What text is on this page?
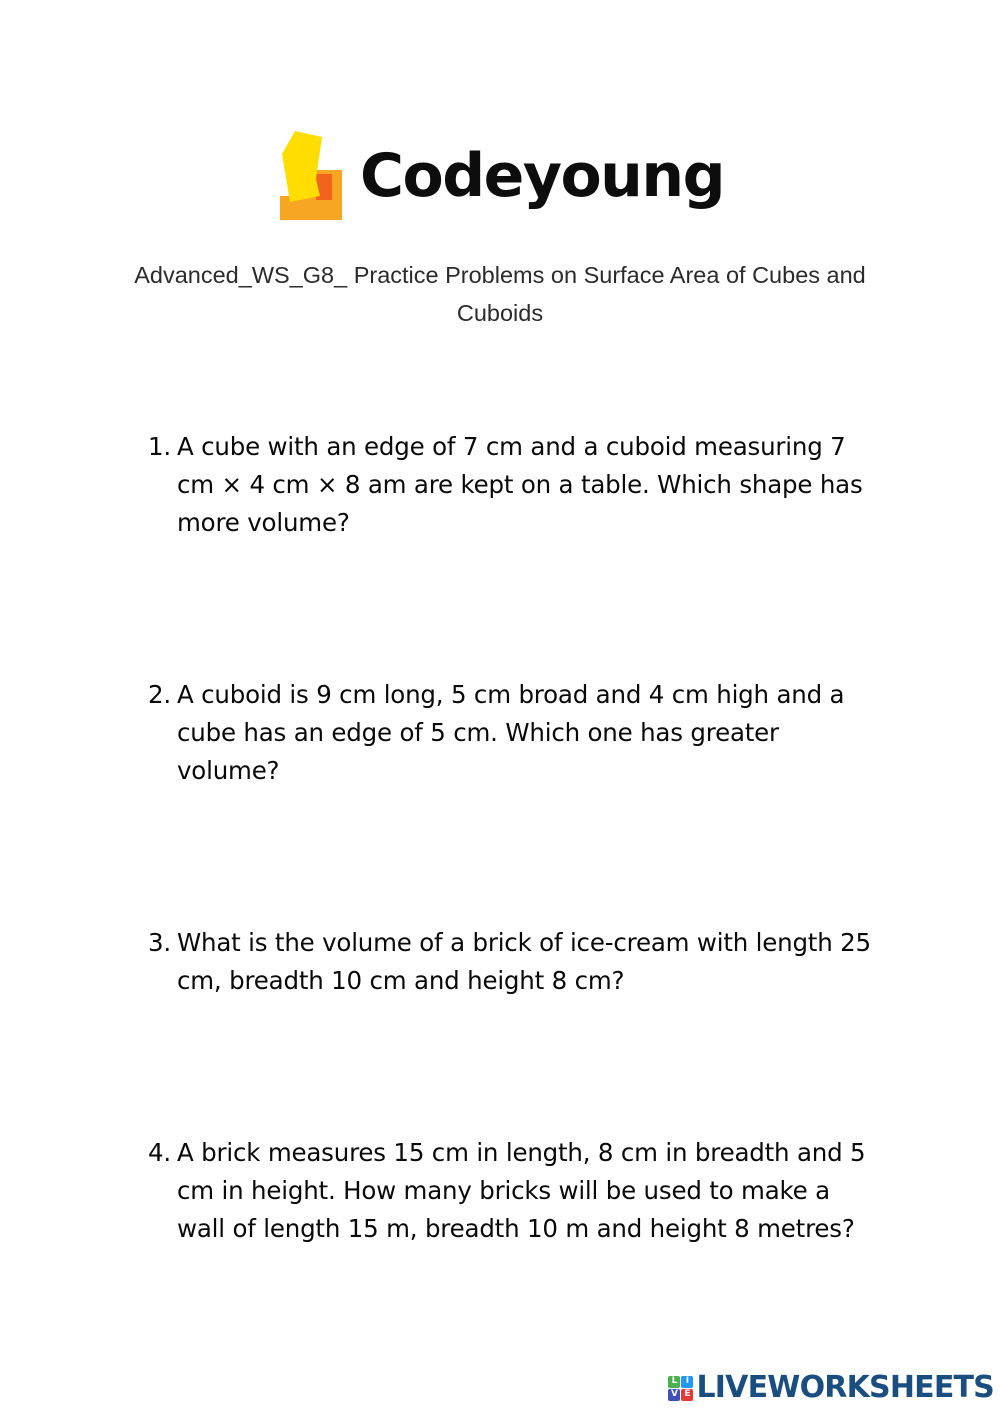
Codeyoung
Advanced_WS_G8_ Practice Problems on Surface Area of Cubes and Cuboids
1. A cube with an edge of 7 cm and a cuboid measuring 7 cm × 4 cm × 8 am are kept on a table. Which shape has more volume?
2. A cuboid is 9 cm long, 5 cm broad and 4 cm high and a cube has an edge of 5 cm. Which one has greater volume?
3. What is the volume of a brick of ice-cream with length 25 cm, breadth 10 cm and height 8 cm?
4. A brick measures 15 cm in length, 8 cm in breadth and 5 cm in height. How many bricks will be used to make a wall of length 15 m, breadth 10 m and height 8 metres?
L I
V E LIVEWORKSHEETS
